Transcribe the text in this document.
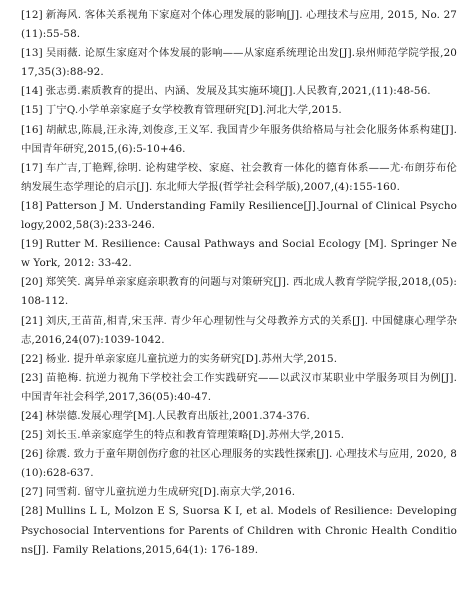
[12] 新海风. 客体关系视角下家庭对个体心理发展的影响[J]. 心理技术与应用, 2015, No. 27(11):55-58.
[13] 吴雨薇. 论原生家庭对个体发展的影响——从家庭系统理论出发[J].泉州师范学院学报,2017,35(3):88-92.
[14] 张志勇.素质教育的提出、内涵、发展及其实施环境[J].人民教育,2021,(11):48-56.
[15] 丁宁Q.小学单亲家庭子女学校教育管理研究[D].河北大学,2015.
[16] 胡献忠,陈晨,汪永涛,刘俊彦,王义军. 我国青少年服务供给格局与社会化服务体系构建[J]. 中国青年研究,2015,(6):5-10+46.
[17] 车广吉,丁艳辉,徐明. 论构建学校、家庭、社会教育一体化的德育体系——尤·布朗芬布伦纳发展生态学理论的启示[J]. 东北师大学报(哲学社会科学版),2007,(4):155-160.
[18] Patterson J M. Understanding Family Resilience[J].Journal of Clinical Psychology,2002,58(3):233-246.
[19] Rutter M. Resilience: Causal Pathways and Social Ecology [M]. Springer New York, 2012: 33-42.
[20] 郑笑笑. 离异单亲家庭亲职教育的问题与对策研究[J]. 西北成人教育学院学报,2018,(05):108-112.
[21] 刘庆,王苗苗,相青,宋玉萍. 青少年心理韧性与父母教养方式的关系[J]. 中国健康心理学杂志,2016,24(07):1039-1042.
[22] 杨业. 提升单亲家庭儿童抗逆力的实务研究[D].苏州大学,2015.
[23] 苗艳梅. 抗逆力视角下学校社会工作实践研究——以武汉市某职业中学服务项目为例[J]. 中国青年社会科学,2017,36(05):40-47.
[24] 林崇德.发展心理学[M].人民教育出版社,2001.374-376.
[25] 刘长玉.单亲家庭学生的特点和教育管理策略[D].苏州大学,2015.
[26] 徐震. 致力于童年期创伤疗愈的社区心理服务的实践性探索[J]. 心理技术与应用, 2020, 8(10):628-637.
[27] 同雪莉. 留守儿童抗逆力生成研究[D].南京大学,2016.
[28] Mullins L L, Molzon E S, Suorsa K I, et al. Models of Resilience: Developing Psychosocial Interventions for Parents of Children with Chronic Health Conditions[J]. Family Relations,2015,64(1): 176-189.
